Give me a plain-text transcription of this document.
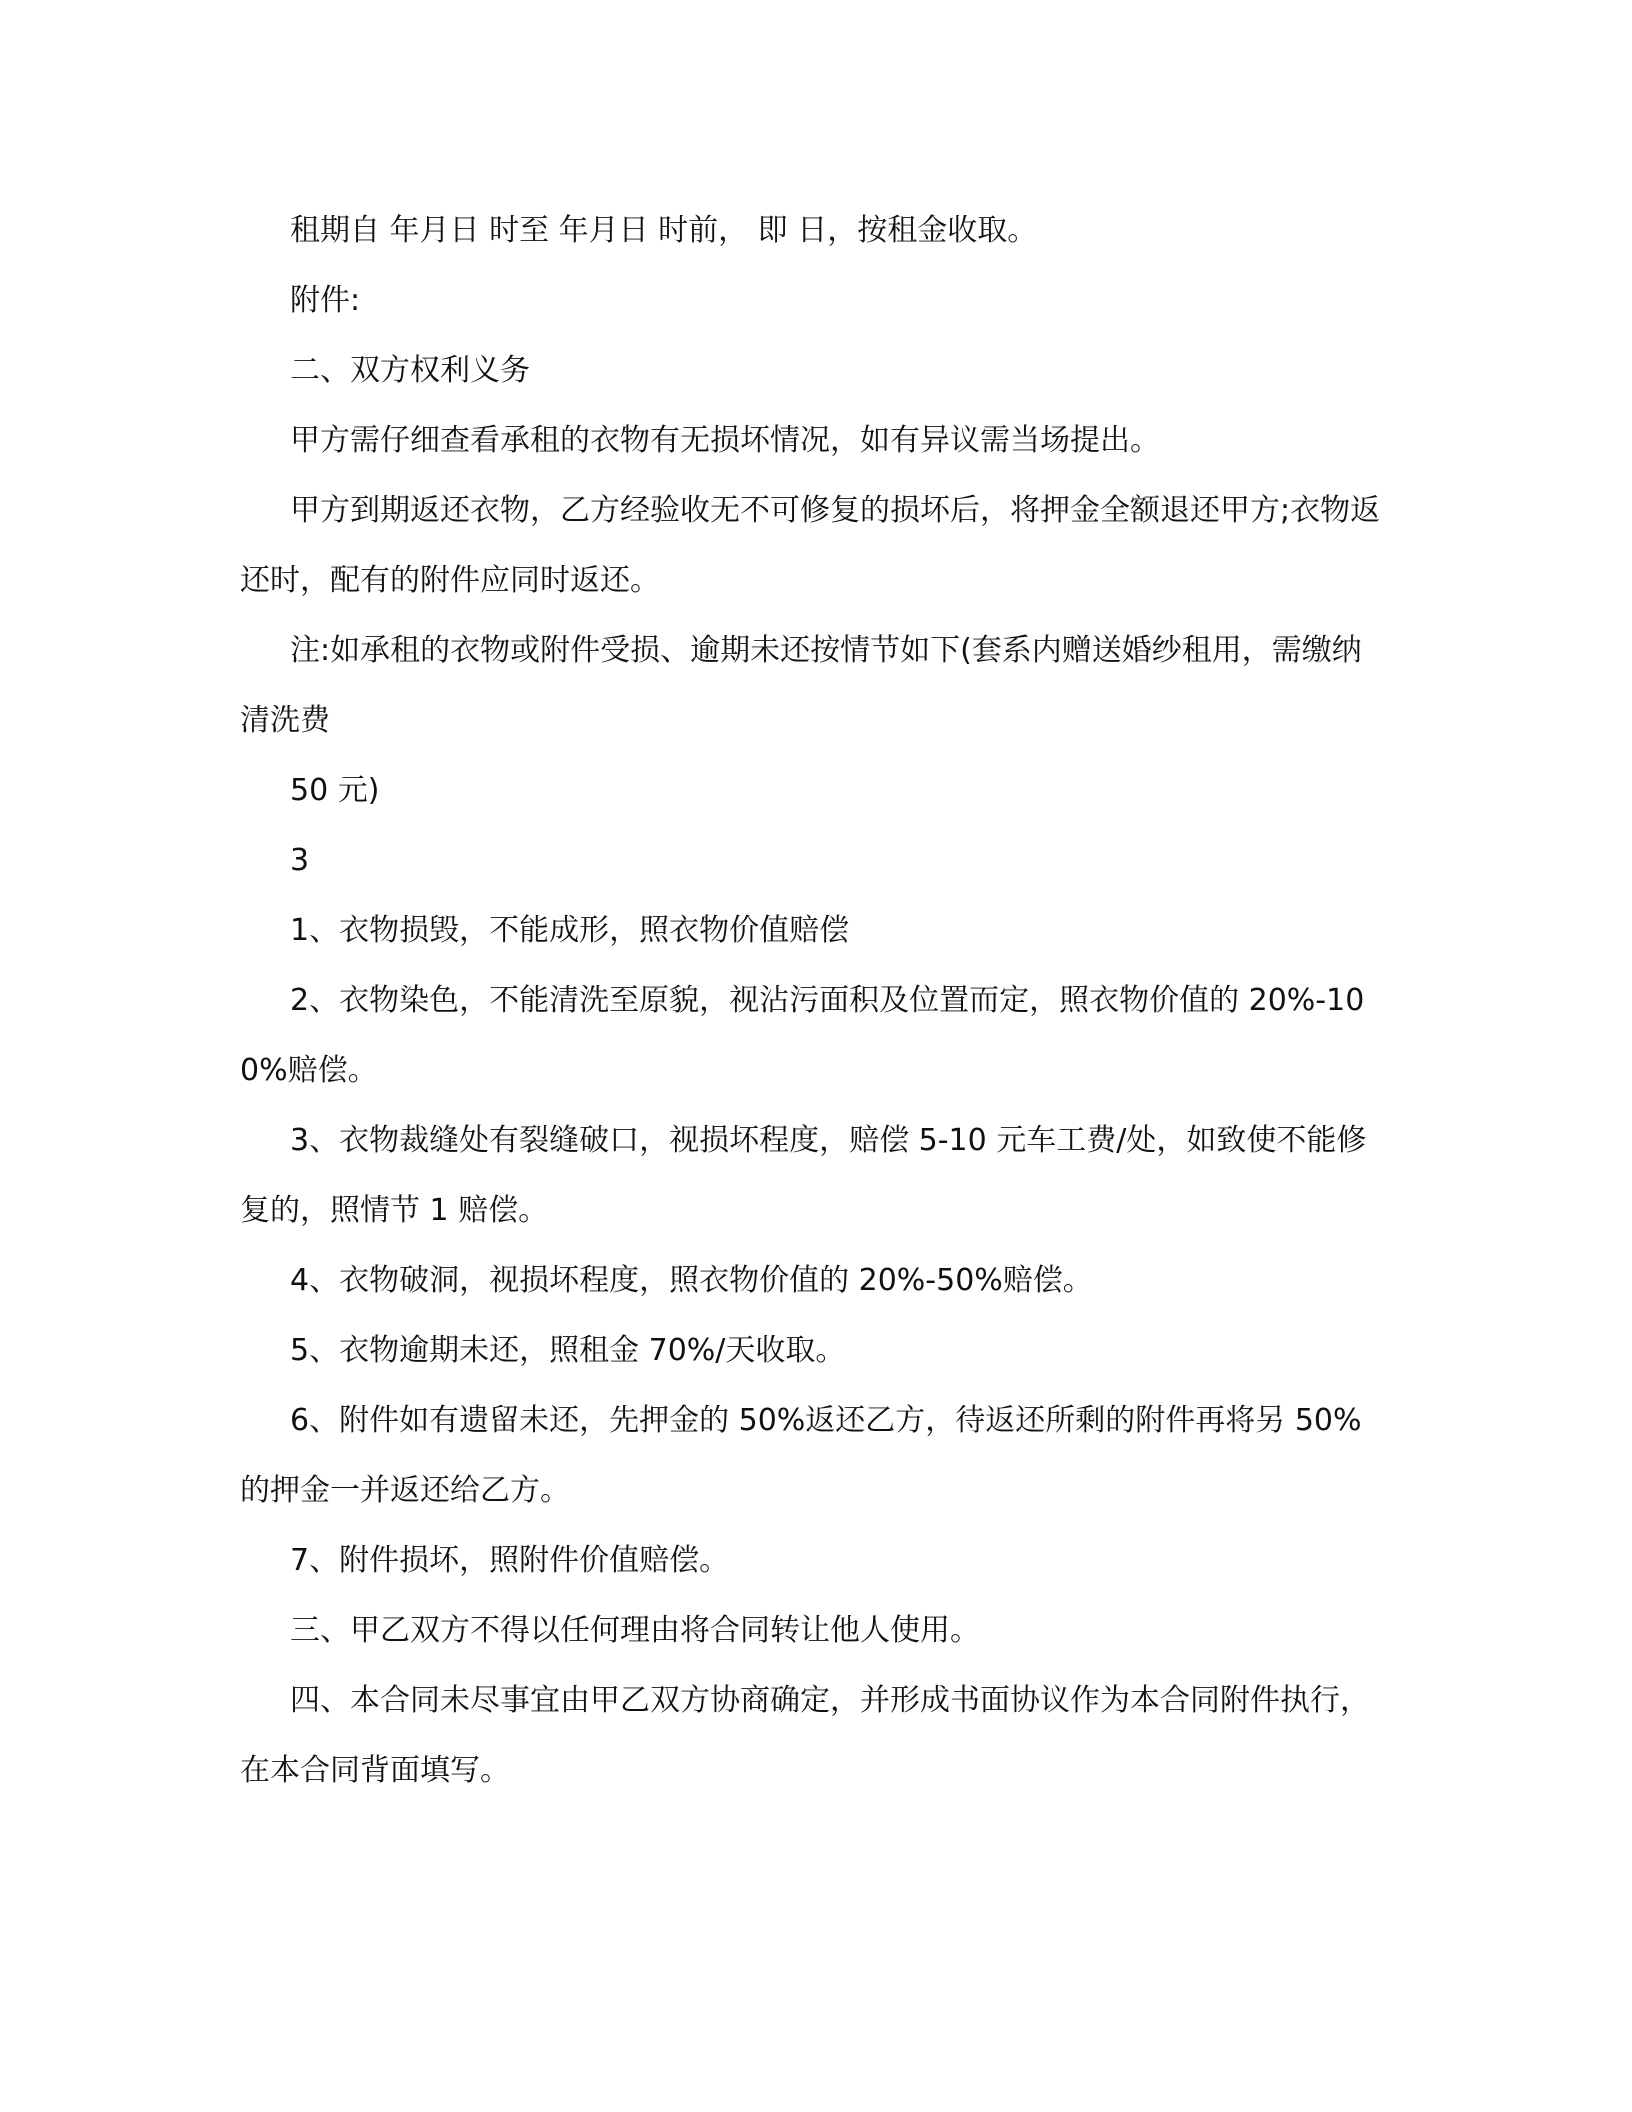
租期自 年月日 时至 年月日 时前， 即 日，按租金收取。

附件:

二、双方权利义务

甲方需仔细查看承租的衣物有无损坏情况，如有异议需当场提出。

甲方到期返还衣物，乙方经验收无不可修复的损坏后，将押金全额退还甲方;衣物返还时，配有的附件应同时返还。

注:如承租的衣物或附件受损、逾期未还按情节如下(套系内赠送婚纱租用，需缴纳清洗费

50 元)

3

1、衣物损毁，不能成形，照衣物价值赔偿

2、衣物染色，不能清洗至原貌，视沾污面积及位置而定，照衣物价值的 20%-100%赔偿。

3、衣物裁缝处有裂缝破口，视损坏程度，赔偿 5-10 元车工费/处，如致使不能修复的，照情节 1 赔偿。

4、衣物破洞，视损坏程度，照衣物价值的 20%-50%赔偿。

5、衣物逾期未还，照租金 70%/天收取。

6、附件如有遗留未还，先押金的 50%返还乙方，待返还所剩的附件再将另 50%的押金一并返还给乙方。

7、附件损坏，照附件价值赔偿。

三、甲乙双方不得以任何理由将合同转让他人使用。

四、本合同未尽事宜由甲乙双方协商确定，并形成书面协议作为本合同附件执行，在本合同背面填写。
